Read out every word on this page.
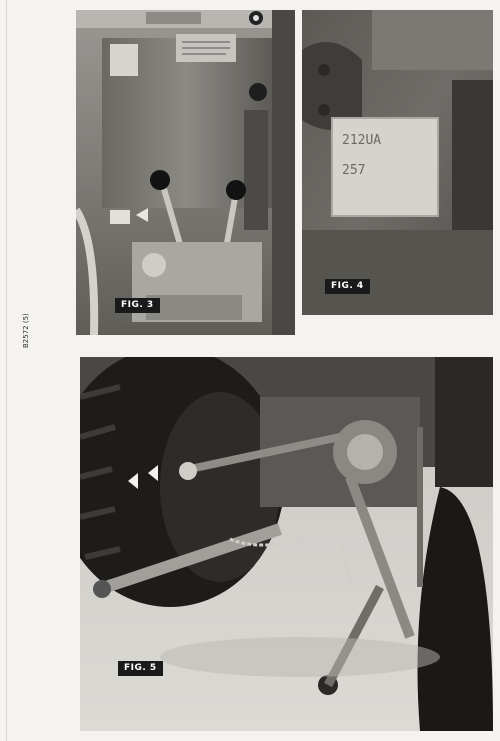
B2572 (5)
FIG. 3
212UA
257
FIG. 4
FIG. 5
